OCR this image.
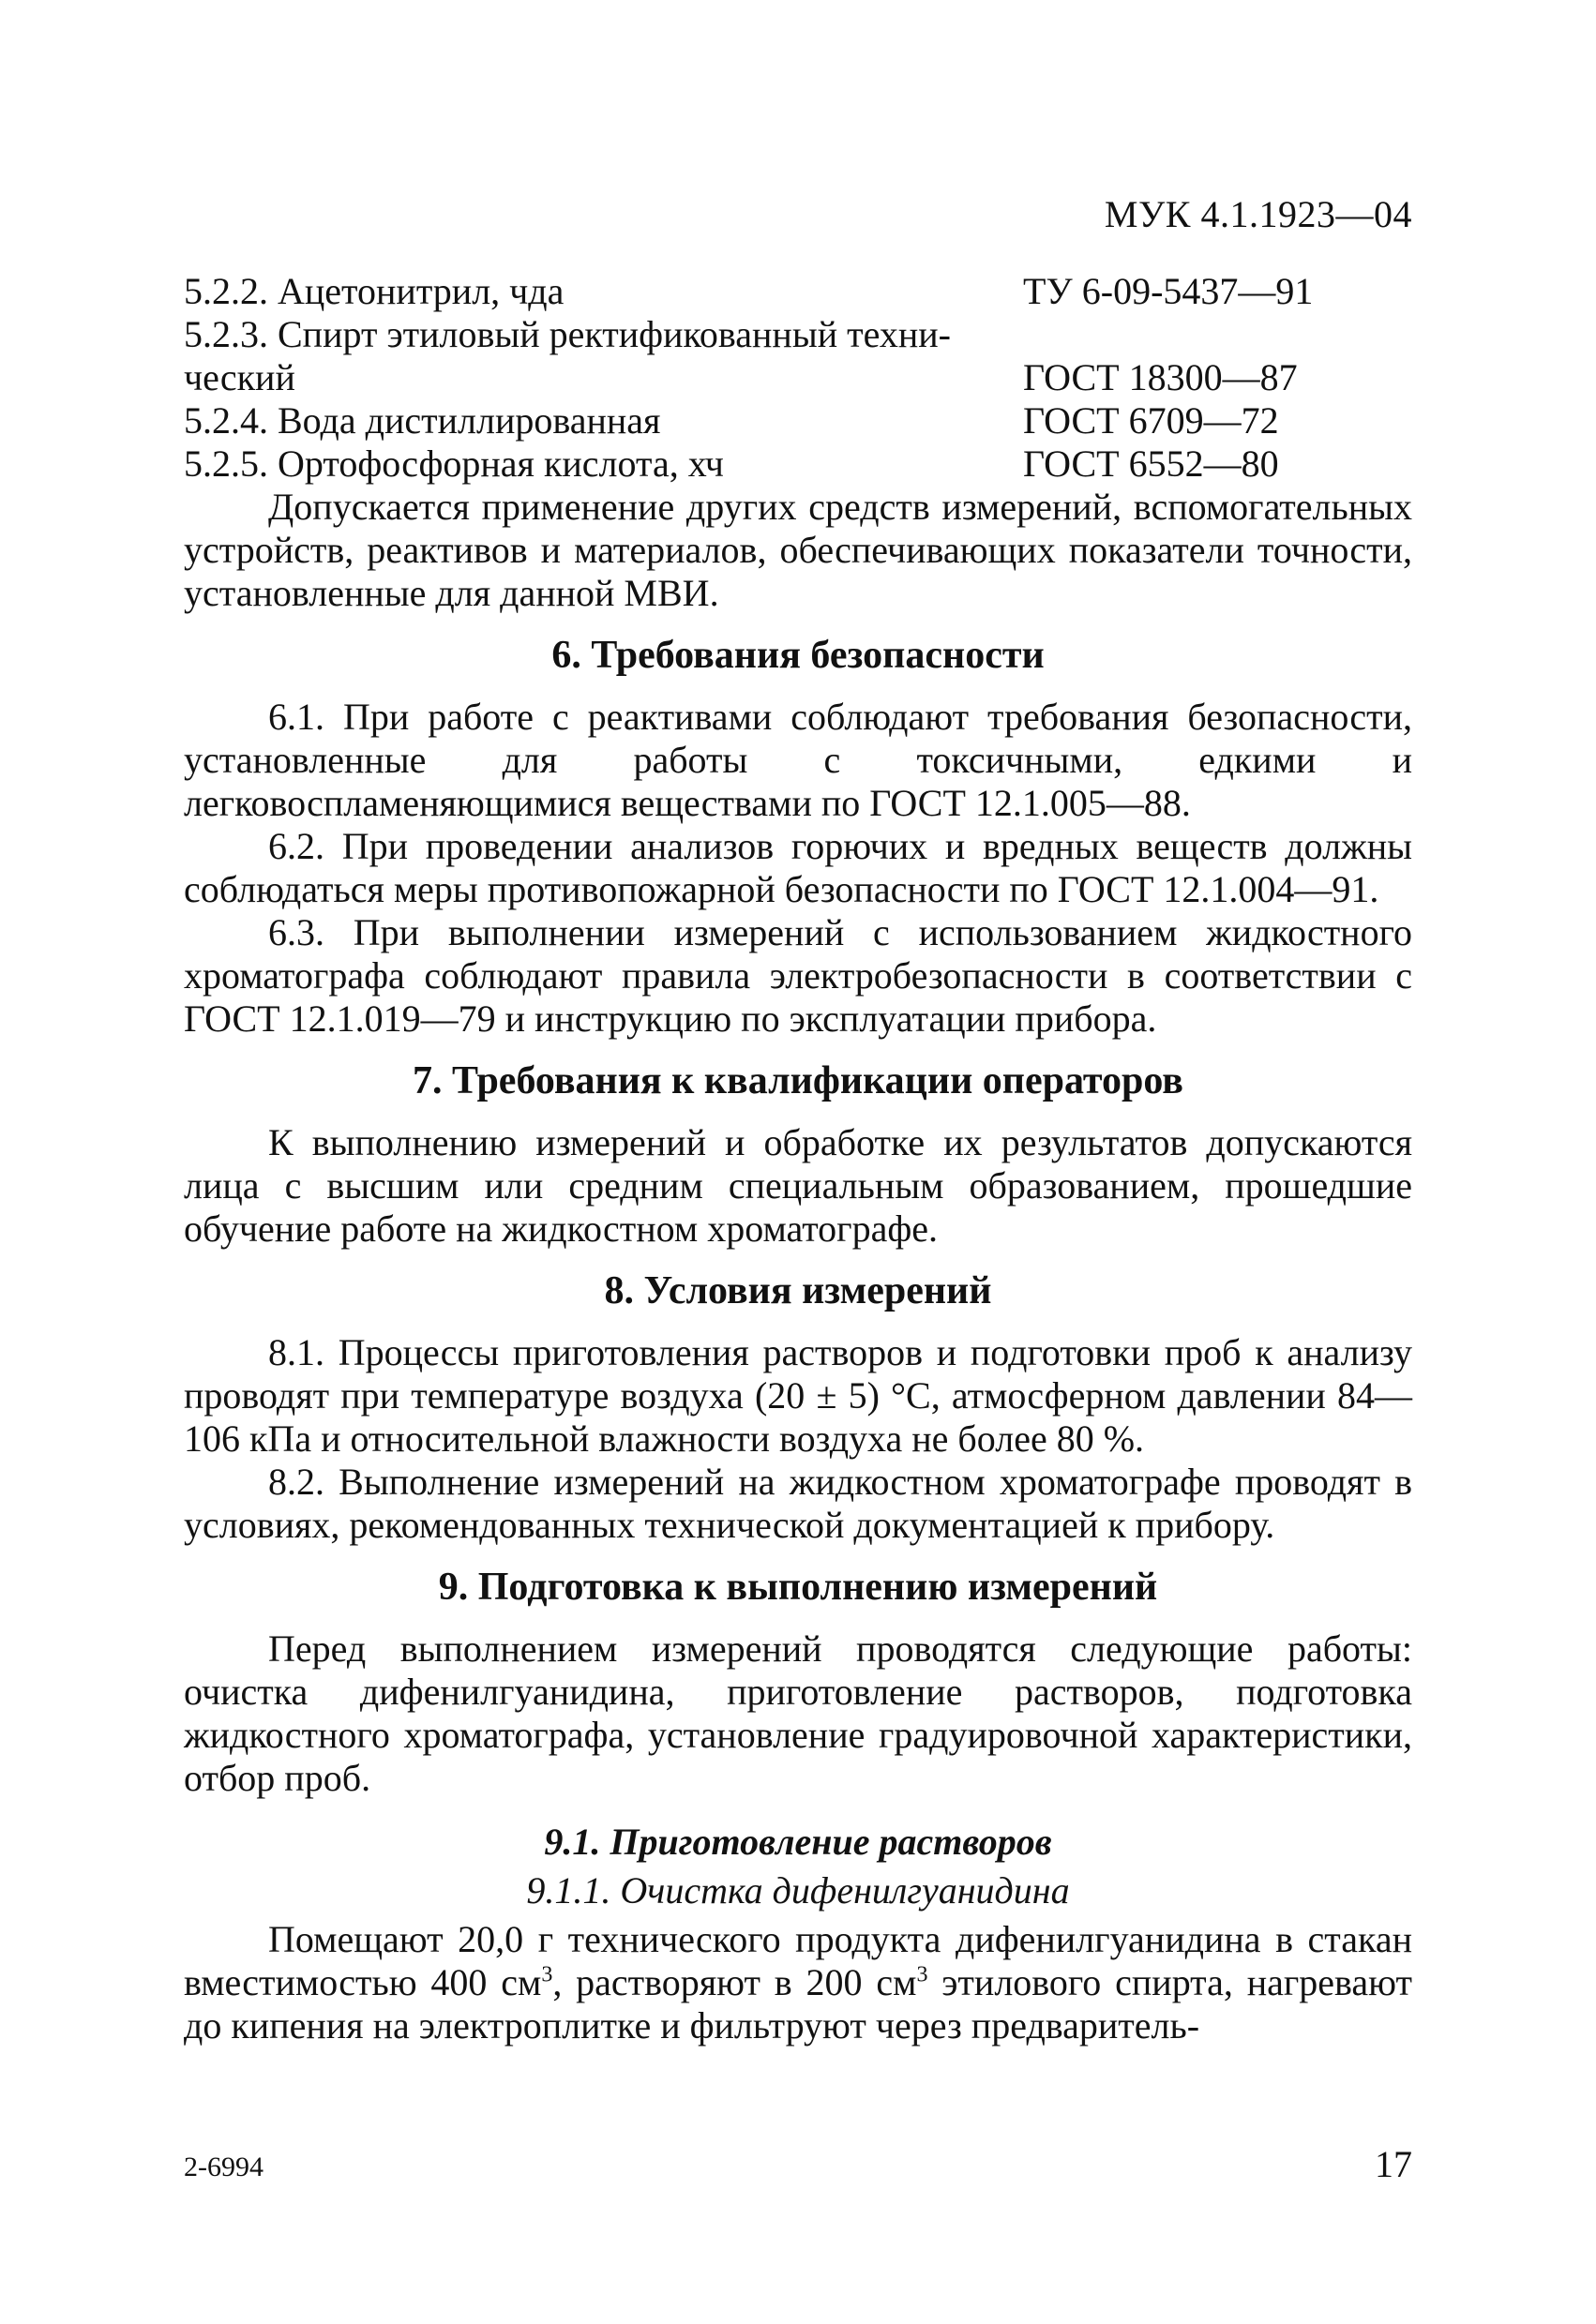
МУК 4.1.1923—04
5.2.2. Ацетонитрил, чда	ТУ 6-09-5437—91
5.2.3. Спирт этиловый ректификованный техни-
ческий	ГОСТ 18300—87
5.2.4. Вода дистиллированная	ГОСТ 6709—72
5.2.5. Ортофосфорная кислота, хч	ГОСТ 6552—80

Допускается применение других средств измерений, вспомогательных устройств, реактивов и материалов, обеспечивающих показатели точности, установленные для данной МВИ.

6. Требования безопасности

6.1. При работе с реактивами соблюдают требования безопасности, установленные для работы с токсичными, едкими и легковоспламеняющимися веществами по ГОСТ 12.1.005—88.

6.2. При проведении анализов горючих и вредных веществ должны соблюдаться меры противопожарной безопасности по ГОСТ 12.1.004—91.

6.3. При выполнении измерений с использованием жидкостного хроматографа соблюдают правила электробезопасности в соответствии с ГОСТ 12.1.019—79 и инструкцию по эксплуатации прибора.

7. Требования к квалификации операторов

К выполнению измерений и обработке их результатов допускаются лица с высшим или средним специальным образованием, прошедшие обучение работе на жидкостном хроматографе.

8. Условия измерений

8.1. Процессы приготовления растворов и подготовки проб к анализу проводят при температуре воздуха (20 ± 5) °С, атмосферном давлении 84—106 кПа и относительной влажности воздуха не более 80 %.

8.2. Выполнение измерений на жидкостном хроматографе проводят в условиях, рекомендованных технической документацией к прибору.

9. Подготовка к выполнению измерений

Перед выполнением измерений проводятся следующие работы: очистка дифенилгуанидина, приготовление растворов, подготовка жидкостного хроматографа, установление градуировочной характеристики, отбор проб.

9.1. Приготовление растворов
9.1.1. Очистка дифенилгуанидина

Помещают 20,0 г технического продукта дифенилгуанидина в стакан вместимостью 400 $см^3$, растворяют в 200 $см^3$ этилового спирта, нагревают до кипения на электроплитке и фильтруют через предваритель-

2-6994	17
